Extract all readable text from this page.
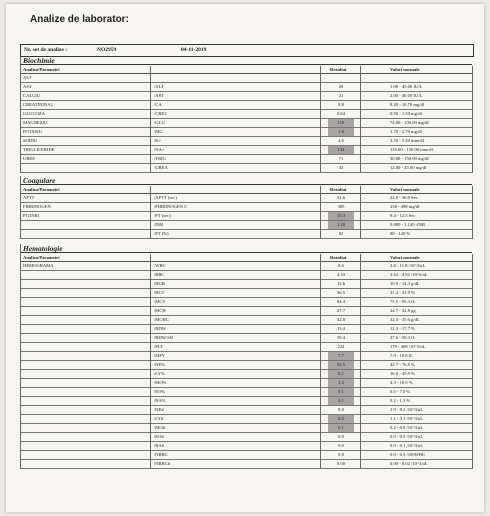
Analize de laborator:
Nr. set de analize :	NO2959	04-11-2019
Biochimie
Analiza/Parametri	Rezultat	Valori normale
ALT
AST	/ALT	28	1.00 - 45.00 IU/L
CALCIU	/AST	31	2.00 - 40.00 IU/L
CREATININA2	/CA	8.8	8.20 - 10.70 mg/dl
GLUCOZA	/CRE2	0.64	0.50 - 1.50 mg/dl
MAGNEZIU	/GLU	110	74.00 - 106.00 mg/dl
POTASIU	/MG	1.6	1.70 - 2.70 mg/dl
SODIU	/K+	4.6	3.50 - 5.20 mmol/l
TRIGLICERIDE	/NA+	134	135.00 - 150.00 mmol/l
UREE	/TRIG	71	30.00 - 150.00 mg/dl
/UREA	33	12.00 - 45.00 mg/dl
Coagulare
Analiza/Parametri	Rezultat	Valori normale
APTT	/APTT (sec)	32.6	22.0 - 36.0 Sec
FIBRINOGEN	/FIBRINOGEN C	385	238 - 498 mg/dl
PT(INR)	/PT (sec)	13.3	9.4 - 12.5 Sec
/INR	1.20	0.800 - 1.140 -INR
/PT (%)	82	80 - 120 %
Hematologie
Analiza/Parametri	Rezultat	Valori normale
HEMOGRAMA	/WBC	8.6	3.8 - 11.8 /10^3/uL
/RBC	4.33	3.63 - 4.92 /10^6/uL
/HGB	12.6	10.9 - 14.3 g/dL
/HCT	36.5	31.2 - 41.9 %
/MCV	84.4	75.5 - 95.3 fL
/MCH	27.7	24.7 - 32.8 pg
/MCHC	32.8	32.3 - 35.6 g/dL
/RDW	13.4	12.3 - 17.7 %
/RDW-SD	39.4	37.6 - 50.3 fL
/PLT	224	179 - 408 /10^3/uL
/MPV	7.7	7.9 - 10.8 fL
/NE%	92.5	42.7 - 76.8 %
/LY%	6.1	16.0 - 45.9 %
/MO%	1.2	4.3 - 10.9 %
/EO%	0.1	0.5 - 7.0 %
/BA%	0.1	0.2 - 1.3 %
/NE#	8.0	1.9 - 8.2 /10^3/uL
/LY#	0.5	1.1 - 3.1 /10^3/uL
/MO#	0.1	0.2 - 0.9 /10^3/uL
/EO#	0.0	0.0 - 0.5 /10^3/uL
/BA#	0.0	0.0 - 0.1 /10^3/uL
/NRBC	0.0	0.0 - 0.3 /100WBC
/NRBC#	0.00	0.00 - 0.02 /10^3/uL
